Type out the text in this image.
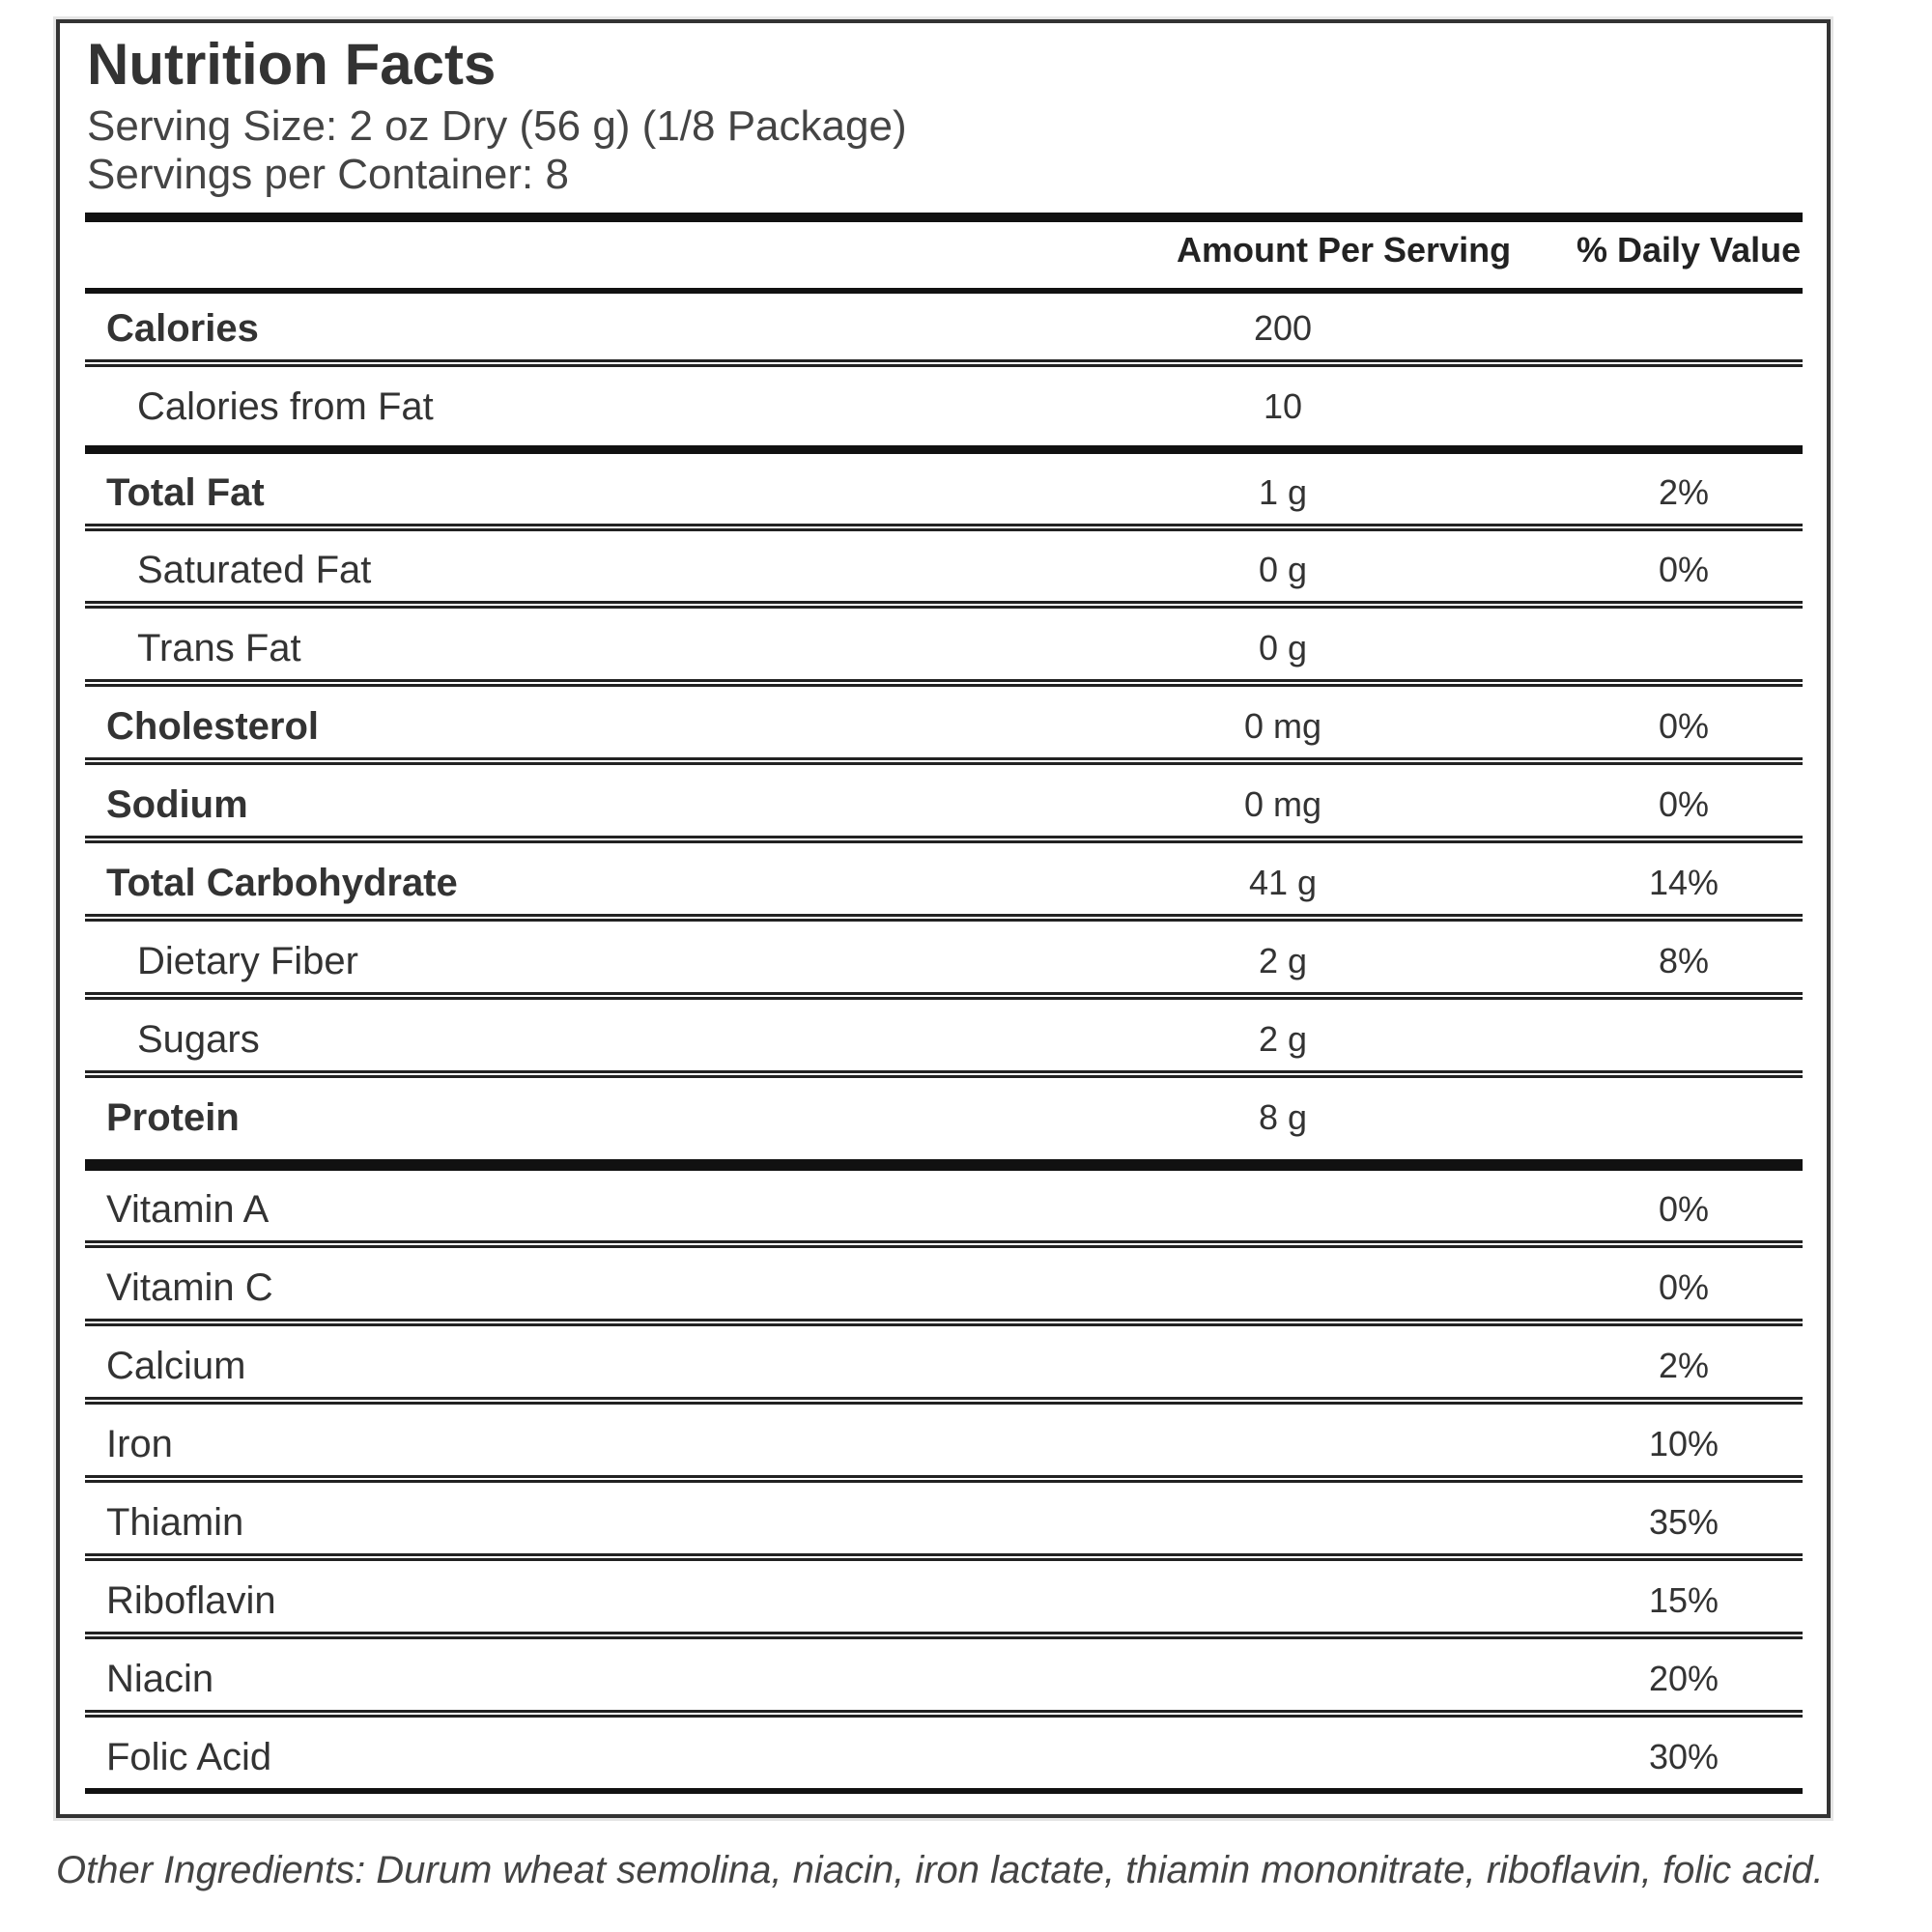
Nutrition Facts
Serving Size: 2 oz Dry (56 g) (1/8 Package)
Servings per Container: 8
Amount Per Serving % Daily Value
Calories	200
Calories from Fat	10
Total Fat	1 g	2%
Saturated Fat	0 g	0%
Trans Fat	0 g
Cholesterol	0 mg	0%
Sodium	0 mg	0%
Total Carbohydrate	41 g	14%
Dietary Fiber	2 g	8%
Sugars	2 g
Protein	8 g
Vitamin A	0%
Vitamin C	0%
Calcium	2%
Iron	10%
Thiamin	35%
Riboflavin	15%
Niacin	20%
Folic Acid	30%

Other Ingredients: Durum wheat semolina, niacin, iron lactate, thiamin mononitrate, riboflavin, folic acid.
